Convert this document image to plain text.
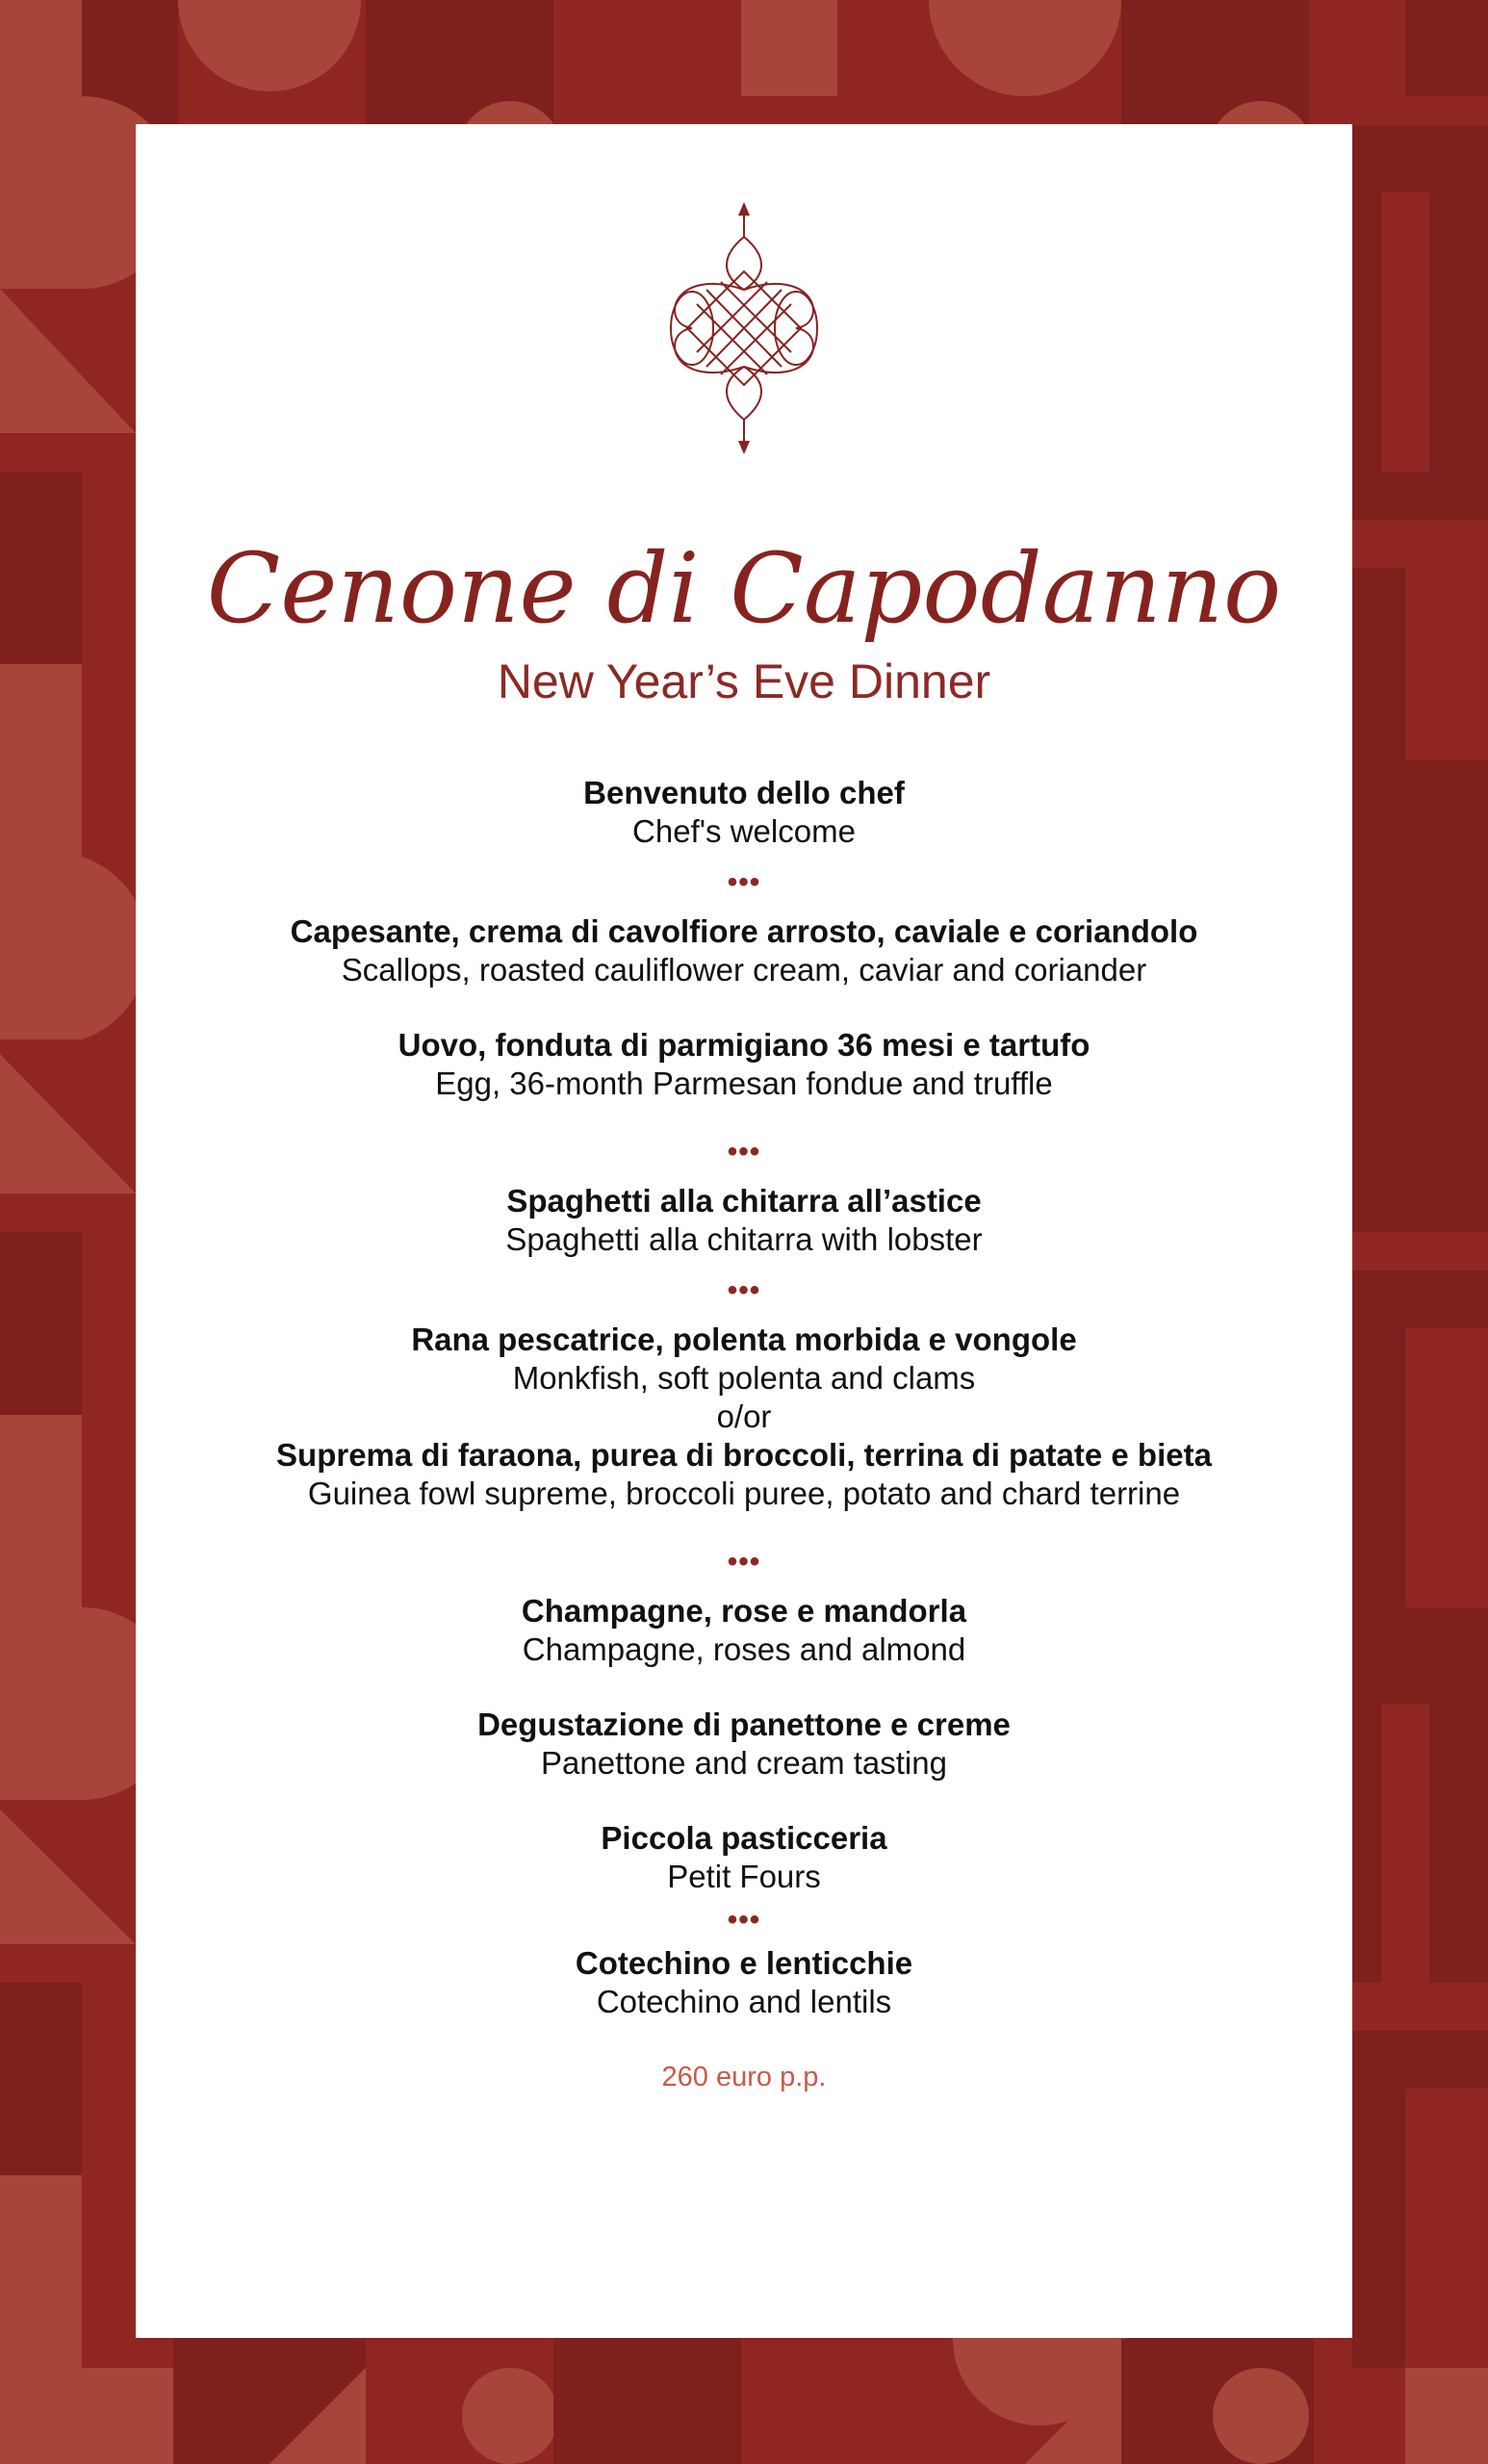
Cenone di Capodanno
New Year’s Eve Dinner
Benvenuto dello chef
Chef's welcome
•••
Capesante, crema di cavolfiore arrosto, caviale e coriandolo
Scallops, roasted cauliflower cream, caviar and coriander
Uovo, fonduta di parmigiano 36 mesi e tartufo
Egg, 36-month Parmesan fondue and truffle
•••
Spaghetti alla chitarra all’astice
Spaghetti alla chitarra with lobster
•••
Rana pescatrice, polenta morbida e vongole
Monkfish, soft polenta and clams
o/or
Suprema di faraona, purea di broccoli, terrina di patate e bieta
Guinea fowl supreme, broccoli puree, potato and chard terrine
•••
Champagne, rose e mandorla
Champagne, roses and almond
Degustazione di panettone e creme
Panettone and cream tasting
Piccola pasticceria
Petit Fours
•••
Cotechino e lenticchie
Cotechino and lentils
260 euro p.p.
